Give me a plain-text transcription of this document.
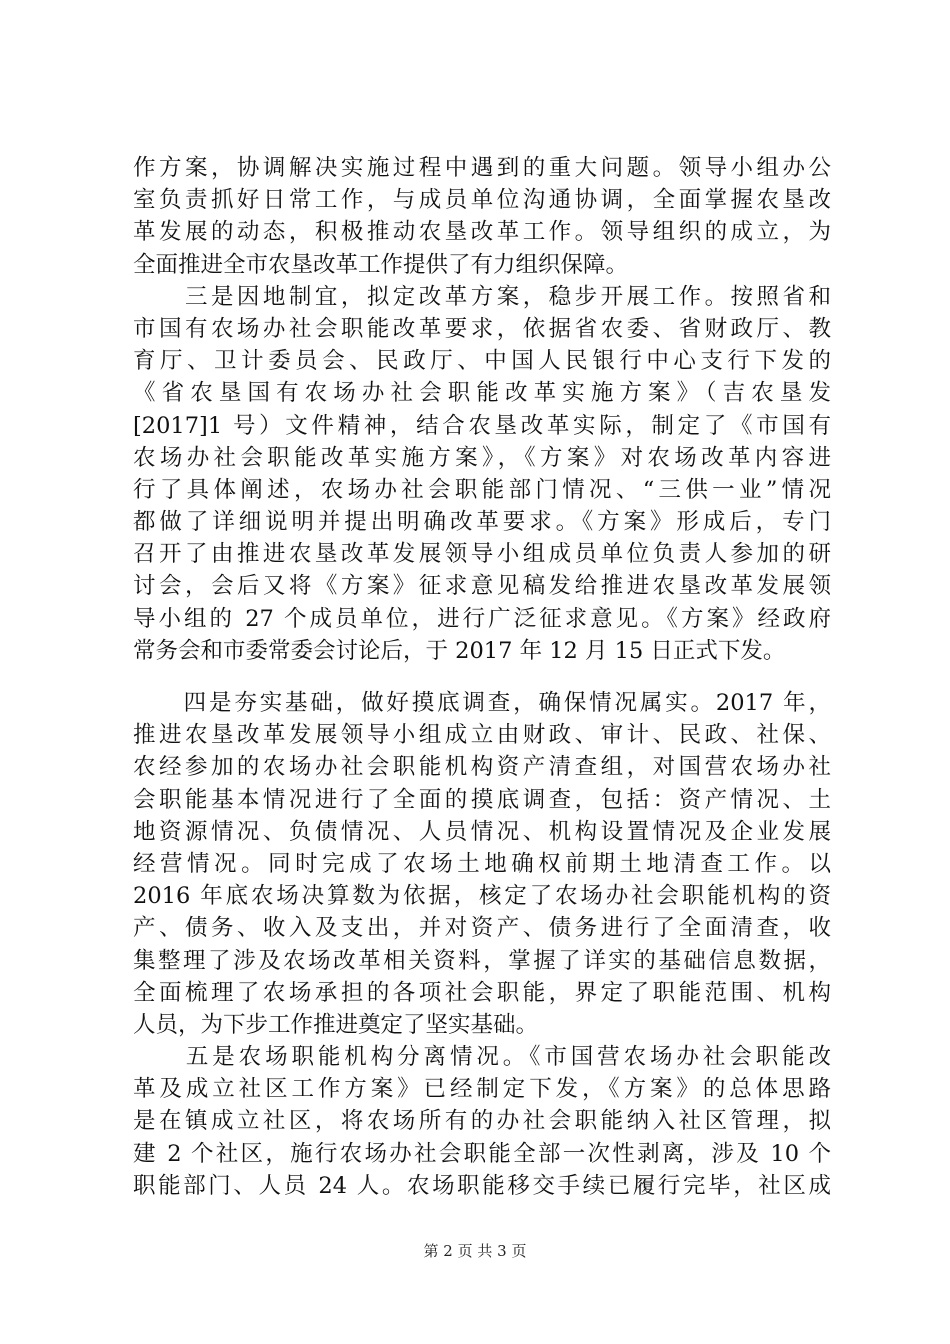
作方案，协调解决实施过程中遇到的重大问题。领导小组办公
室负责抓好日常工作，与成员单位沟通协调，全面掌握农垦改
革发展的动态，积极推动农垦改革工作。领导组织的成立，为
全面推进全市农垦改革工作提供了有力组织保障。
　　三是因地制宜，拟定改革方案，稳步开展工作。按照省和
市国有农场办社会职能改革要求，依据省农委、省财政厅、教
育厅、卫计委员会、民政厅、中国人民银行中心支行下发的
《省农垦国有农场办社会职能改革实施方案》（吉农垦发
[2017]1 号）文件精神，结合农垦改革实际，制定了《市国有
农场办社会职能改革实施方案》，《方案》对农场改革内容进
行了具体阐述，农场办社会职能部门情况、“三供一业”情况
都做了详细说明并提出明确改革要求。《方案》形成后，专门
召开了由推进农垦改革发展领导小组成员单位负责人参加的研
讨会，会后又将《方案》征求意见稿发给推进农垦改革发展领
导小组的 27 个成员单位，进行广泛征求意见。《方案》经政府
常务会和市委常委会讨论后，于 2017 年 12 月 15 日正式下发。
　　四是夯实基础，做好摸底调查，确保情况属实。2017 年，
推进农垦改革发展领导小组成立由财政、审计、民政、社保、
农经参加的农场办社会职能机构资产清查组，对国营农场办社
会职能基本情况进行了全面的摸底调查，包括：资产情况、土
地资源情况、负债情况、人员情况、机构设置情况及企业发展
经营情况。同时完成了农场土地确权前期土地清查工作。以
2016 年底农场决算数为依据，核定了农场办社会职能机构的资
产、债务、收入及支出，并对资产、债务进行了全面清查，收
集整理了涉及农场改革相关资料，掌握了详实的基础信息数据，
全面梳理了农场承担的各项社会职能，界定了职能范围、机构
人员，为下步工作推进奠定了坚实基础。
　　五是农场职能机构分离情况。《市国营农场办社会职能改
革及成立社区工作方案》已经制定下发，《方案》的总体思路
是在镇成立社区，将农场所有的办社会职能纳入社区管理，拟
建 2 个社区，施行农场办社会职能全部一次性剥离，涉及 10 个
职能部门、人员 24 人。农场职能移交手续已履行完毕，社区成
第 2 页 共 3 页
